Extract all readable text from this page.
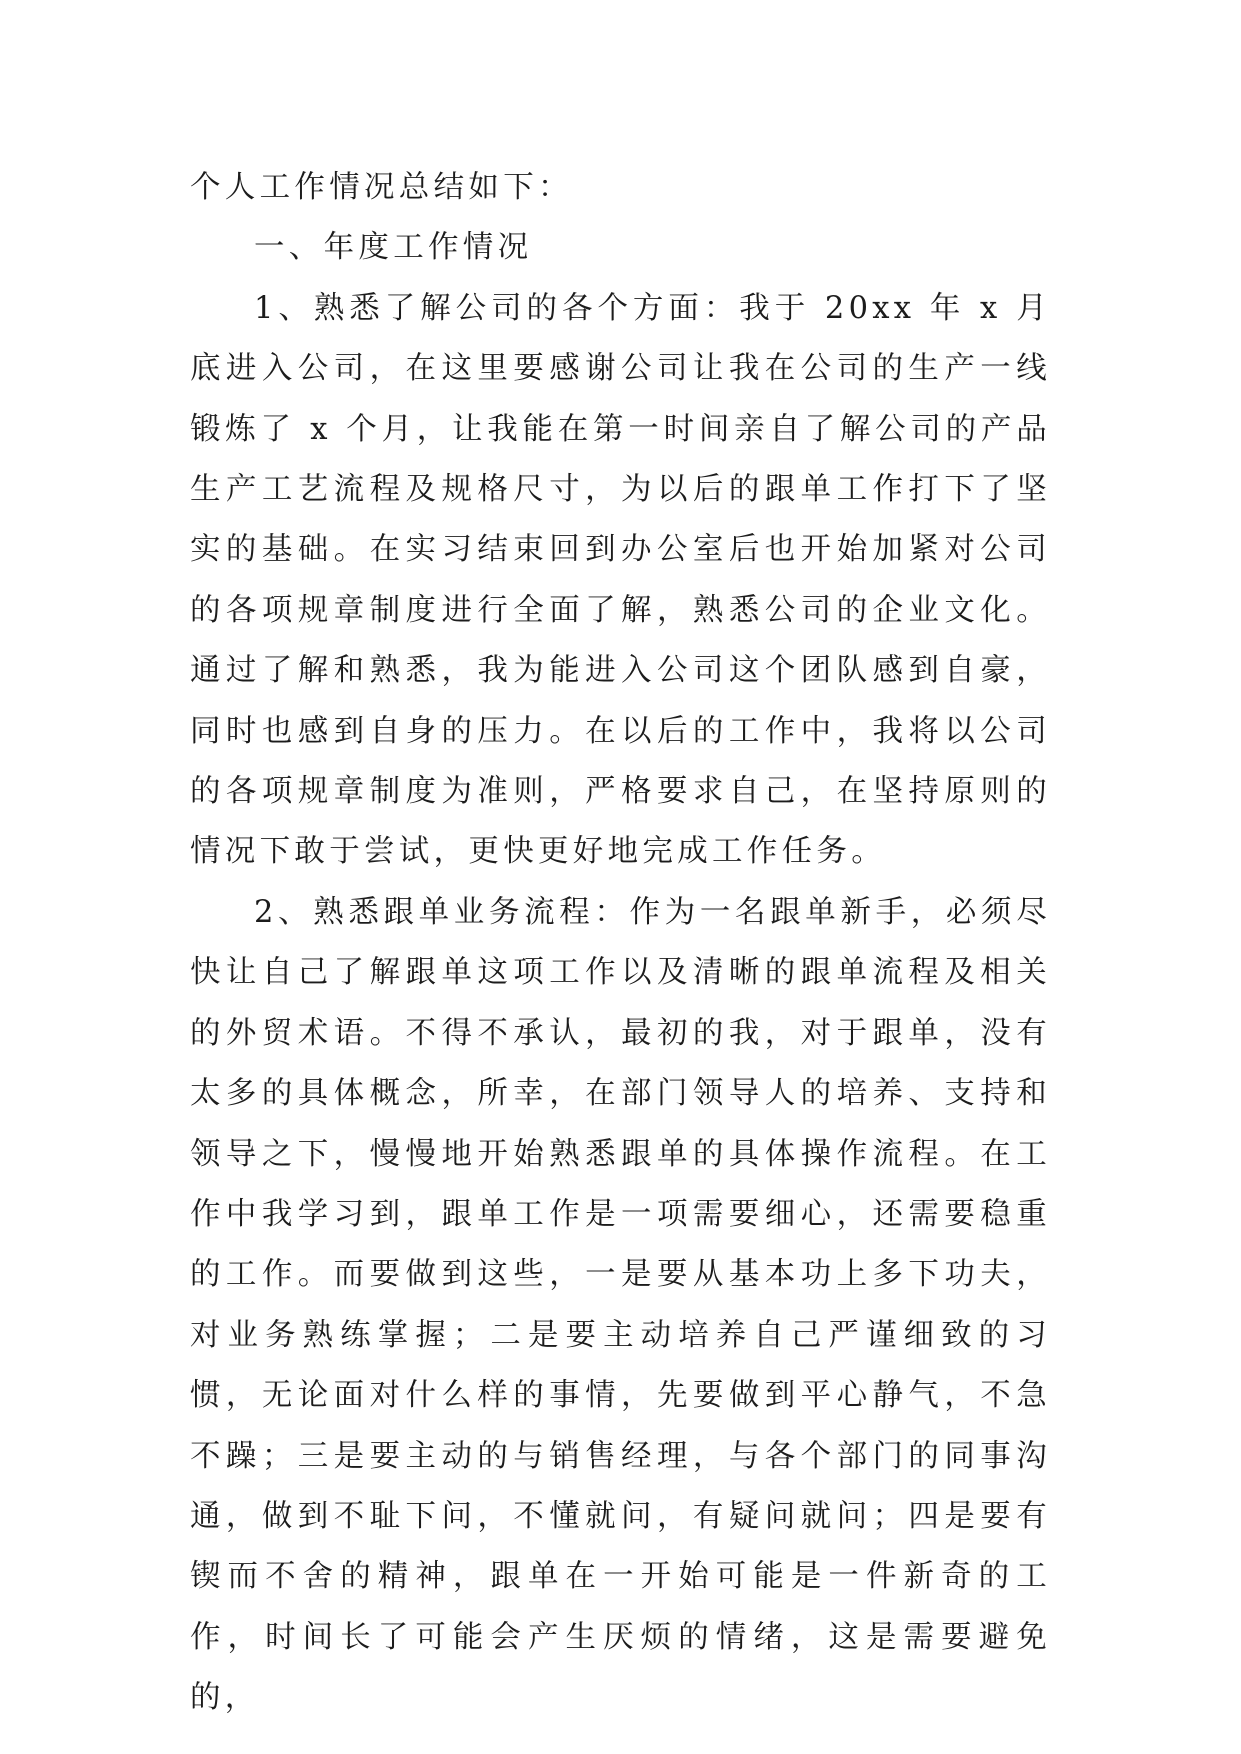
个人工作情况总结如下：

一、年度工作情况

1、熟悉了解公司的各个方面：我于 20xx 年 x 月底进入公司，在这里要感谢公司让我在公司的生产一线锻炼了 x 个月，让我能在第一时间亲自了解公司的产品生产工艺流程及规格尺寸，为以后的跟单工作打下了坚实的基础。在实习结束回到办公室后也开始加紧对公司的各项规章制度进行全面了解，熟悉公司的企业文化。通过了解和熟悉，我为能进入公司这个团队感到自豪，同时也感到自身的压力。在以后的工作中，我将以公司的各项规章制度为准则，严格要求自己，在坚持原则的情况下敢于尝试，更快更好地完成工作任务。

2、熟悉跟单业务流程：作为一名跟单新手，必须尽快让自己了解跟单这项工作以及清晰的跟单流程及相关的外贸术语。不得不承认，最初的我，对于跟单，没有太多的具体概念，所幸，在部门领导人的培养、支持和领导之下，慢慢地开始熟悉跟单的具体操作流程。在工作中我学习到，跟单工作是一项需要细心，还需要稳重的工作。而要做到这些，一是要从基本功上多下功夫，对业务熟练掌握；二是要主动培养自己严谨细致的习惯，无论面对什么样的事情，先要做到平心静气，不急不躁；三是要主动的与销售经理，与各个部门的同事沟通，做到不耻下问，不懂就问，有疑问就问；四是要有锲而不舍的精神，跟单在一开始可能是一件新奇的工作，时间长了可能会产生厌烦的情绪，这是需要避免的，
